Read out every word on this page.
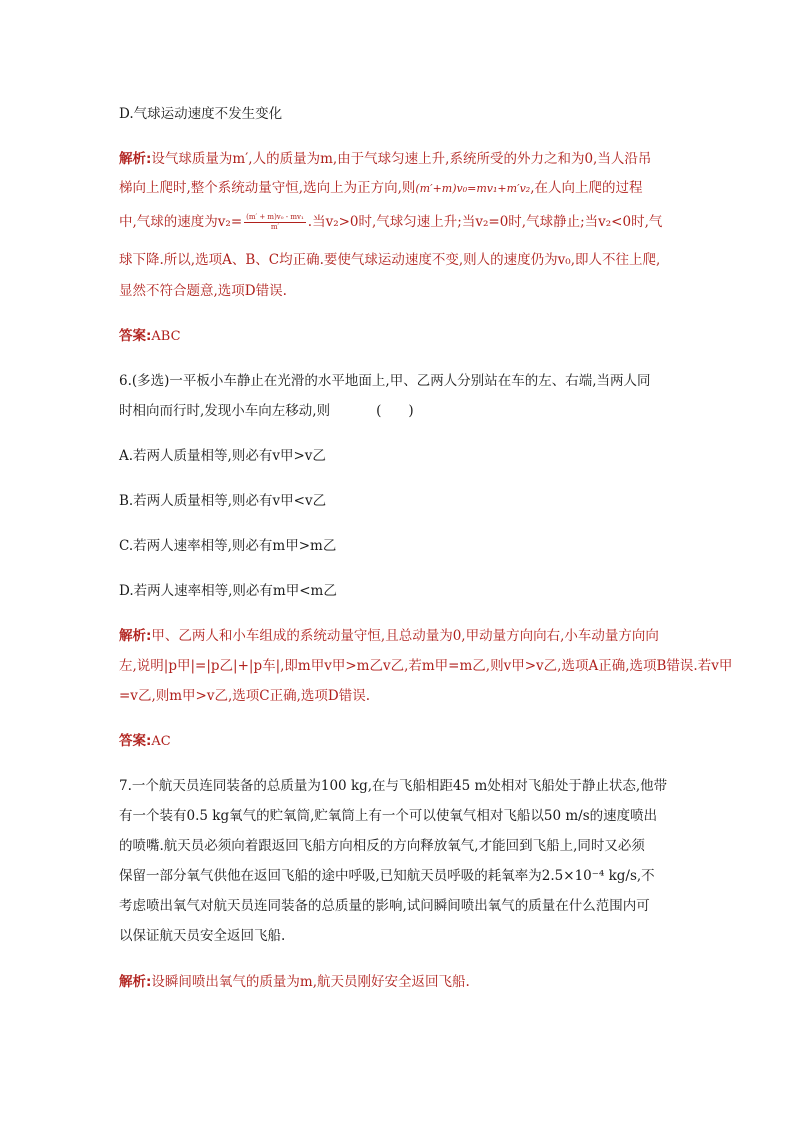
D.气球运动速度不发生变化

解析:设气球质量为m′,人的质量为m,由于气球匀速上升,系统所受的外力之和为0,当人沿吊

梯向上爬时,整个系统动量守恒,选向上为正方向,则(m′+m)v₀=mv₁+m′v₂,在人向上爬的过程

中,气球的速度为$v_2= \frac{\text{(m′ + m)v₀ - mv₁}}{m'}$ .当v₂>0时,气球匀速上升;当v₂=0时,气球静止;当v₂<0时,气

球下降.所以,选项A、B、C均正确.要使气球运动速度不变,则人的速度仍为v₀,即人不往上爬,

显然不符合题意,选项D错误.

答案:ABC

6.(多选)一平板小车静止在光滑的水平地面上,甲、乙两人分别站在车的左、右端,当两人同

时相向而行时,发现小车向左移动,则	(　　)

A.若两人质量相等,则必有v甲>v乙

B.若两人质量相等,则必有v甲<v乙

C.若两人速率相等,则必有m甲>m乙

D.若两人速率相等,则必有m甲<m乙

解析:甲、乙两人和小车组成的系统动量守恒,且总动量为0,甲动量方向向右,小车动量方向向

左,说明|p甲|=|p乙|+|p车|,即m甲v甲>m乙v乙,若m甲=m乙,则v甲>v乙,选项A正确,选项B错误.若v甲

=v乙,则m甲>v乙,选项C正确,选项D错误.

答案:AC

7.一个航天员连同装备的总质量为100 kg,在与飞船相距45 m处相对飞船处于静止状态,他带

有一个装有0.5 kg氧气的贮氧筒,贮氧筒上有一个可以使氧气相对飞船以50 m/s的速度喷出

的喷嘴.航天员必须向着跟返回飞船方向相反的方向释放氧气,才能回到飞船上,同时又必须

保留一部分氧气供他在返回飞船的途中呼吸,已知航天员呼吸的耗氧率为2.5×10⁻⁴ kg/s,不

考虑喷出氧气对航天员连同装备的总质量的影响,试问瞬间喷出氧气的质量在什么范围内可

以保证航天员安全返回飞船.

解析:设瞬间喷出氧气的质量为m,航天员刚好安全返回飞船.
